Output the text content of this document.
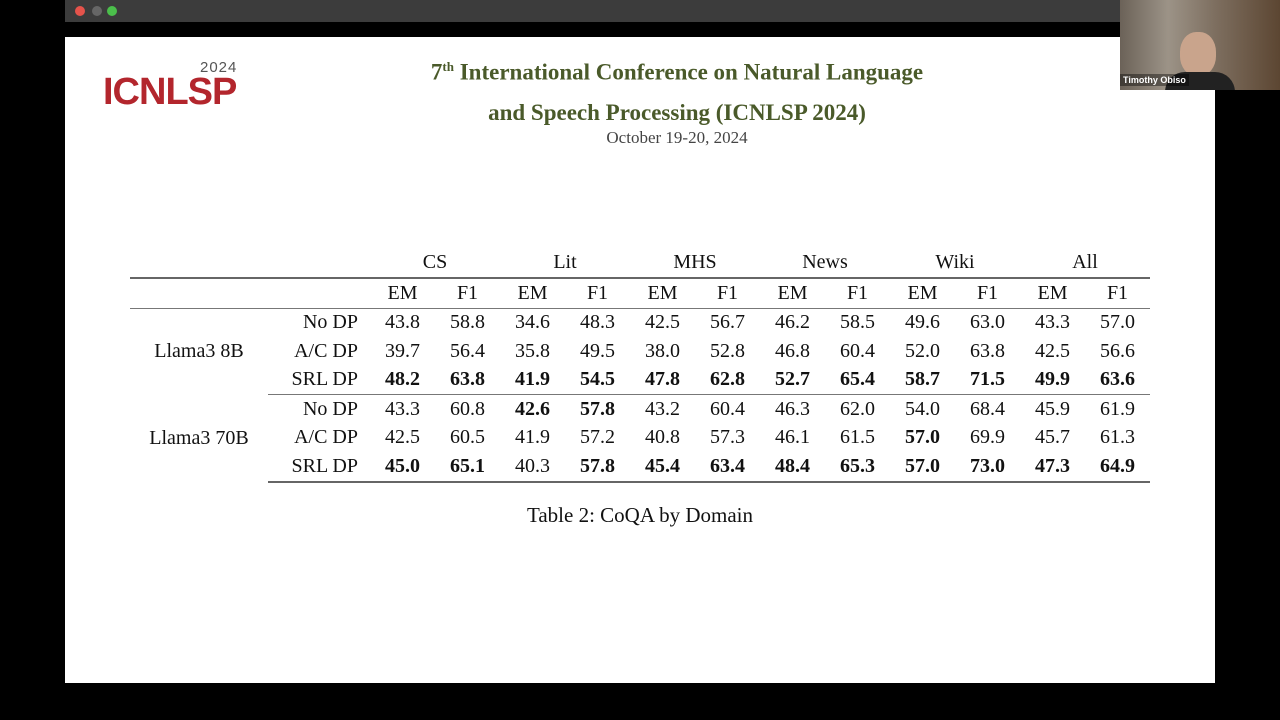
2024
ICNLSP	7th International Conference on Natural Language
and Speech Processing (ICNLSP 2024)
October 19-20, 2024
		CS		Lit		MHS		News		Wiki		All	
		EM	F1	EM	F1	EM	F1	EM	F1	EM	F1	EM	F1
Llama3 8B	No DP	43.8	58.8	34.6	48.3	42.5	56.7	46.2	58.5	49.6	63.0	43.3	57.0
	A/C DP	39.7	56.4	35.8	49.5	38.0	52.8	46.8	60.4	52.0	63.8	42.5	56.6
	SRL DP	48.2	63.8	41.9	54.5	47.8	62.8	52.7	65.4	58.7	71.5	49.9	63.6
Llama3 70B	No DP	43.3	60.8	42.6	57.8	43.2	60.4	46.3	62.0	54.0	68.4	45.9	61.9
	A/C DP	42.5	60.5	41.9	57.2	40.8	57.3	46.1	61.5	57.0	69.9	45.7	61.3
	SRL DP	45.0	65.1	40.3	57.8	45.4	63.4	48.4	65.3	57.0	73.0	47.3	64.9
Table 2: CoQA by Domain
Timothy Obiso
